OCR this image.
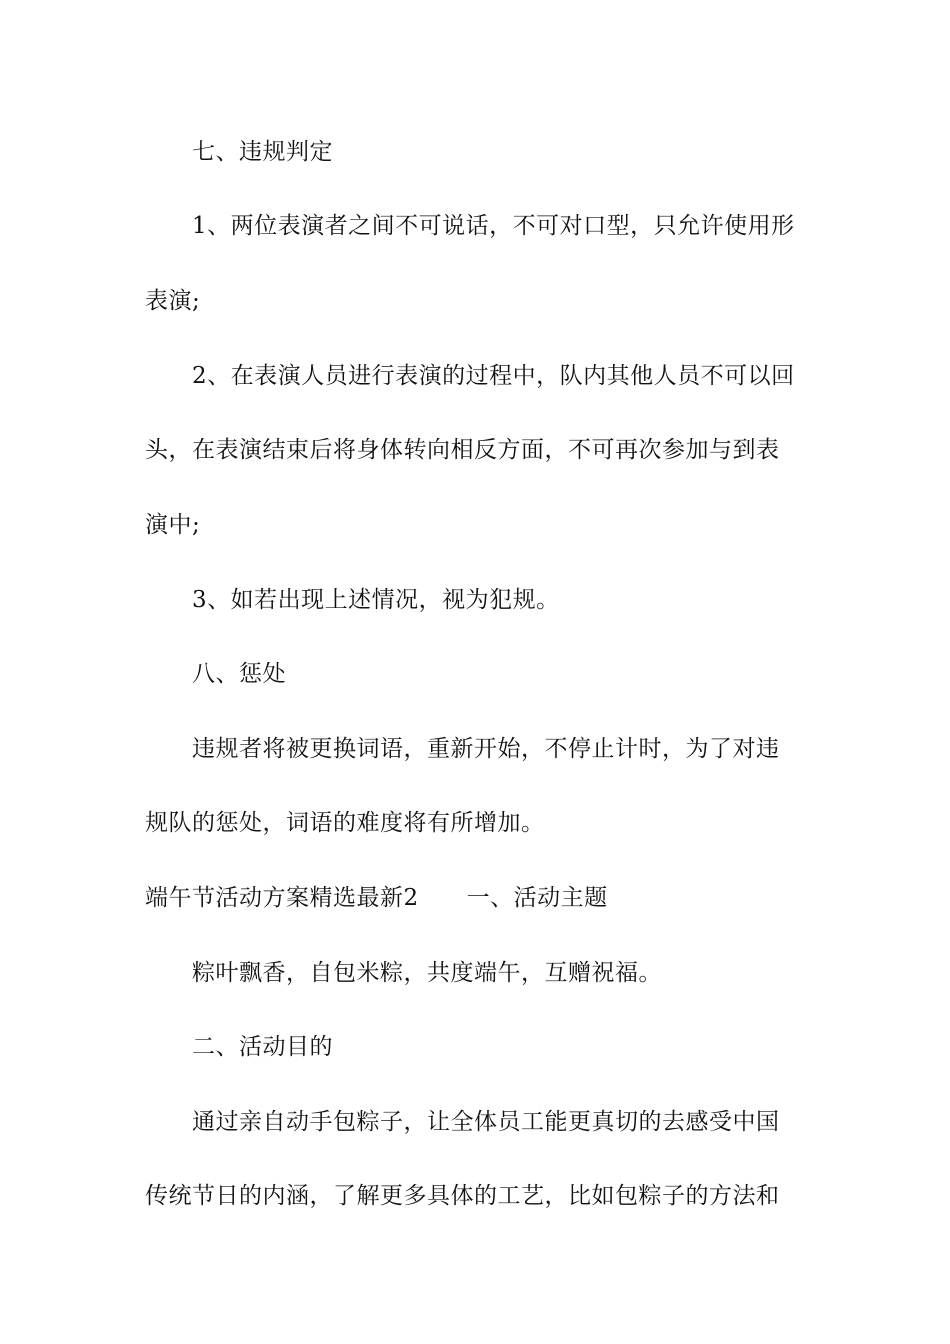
七、违规判定
1、两位表演者之间不可说话，不可对口型，只允许使用形
表演;
2、在表演人员进行表演的过程中，队内其他人员不可以回
头，在表演结束后将身体转向相反方面，不可再次参加与到表
演中;
3、如若出现上述情况，视为犯规。
八、惩处
违规者将被更换词语，重新开始，不停止计时，为了对违
规队的惩处，词语的难度将有所增加。
端午节活动方案精选最新2 一、活动主题
粽叶飘香，自包米粽，共度端午，互赠祝福。
二、活动目的
通过亲自动手包粽子，让全体员工能更真切的去感受中国
传统节日的内涵，了解更多具体的工艺，比如包粽子的方法和
